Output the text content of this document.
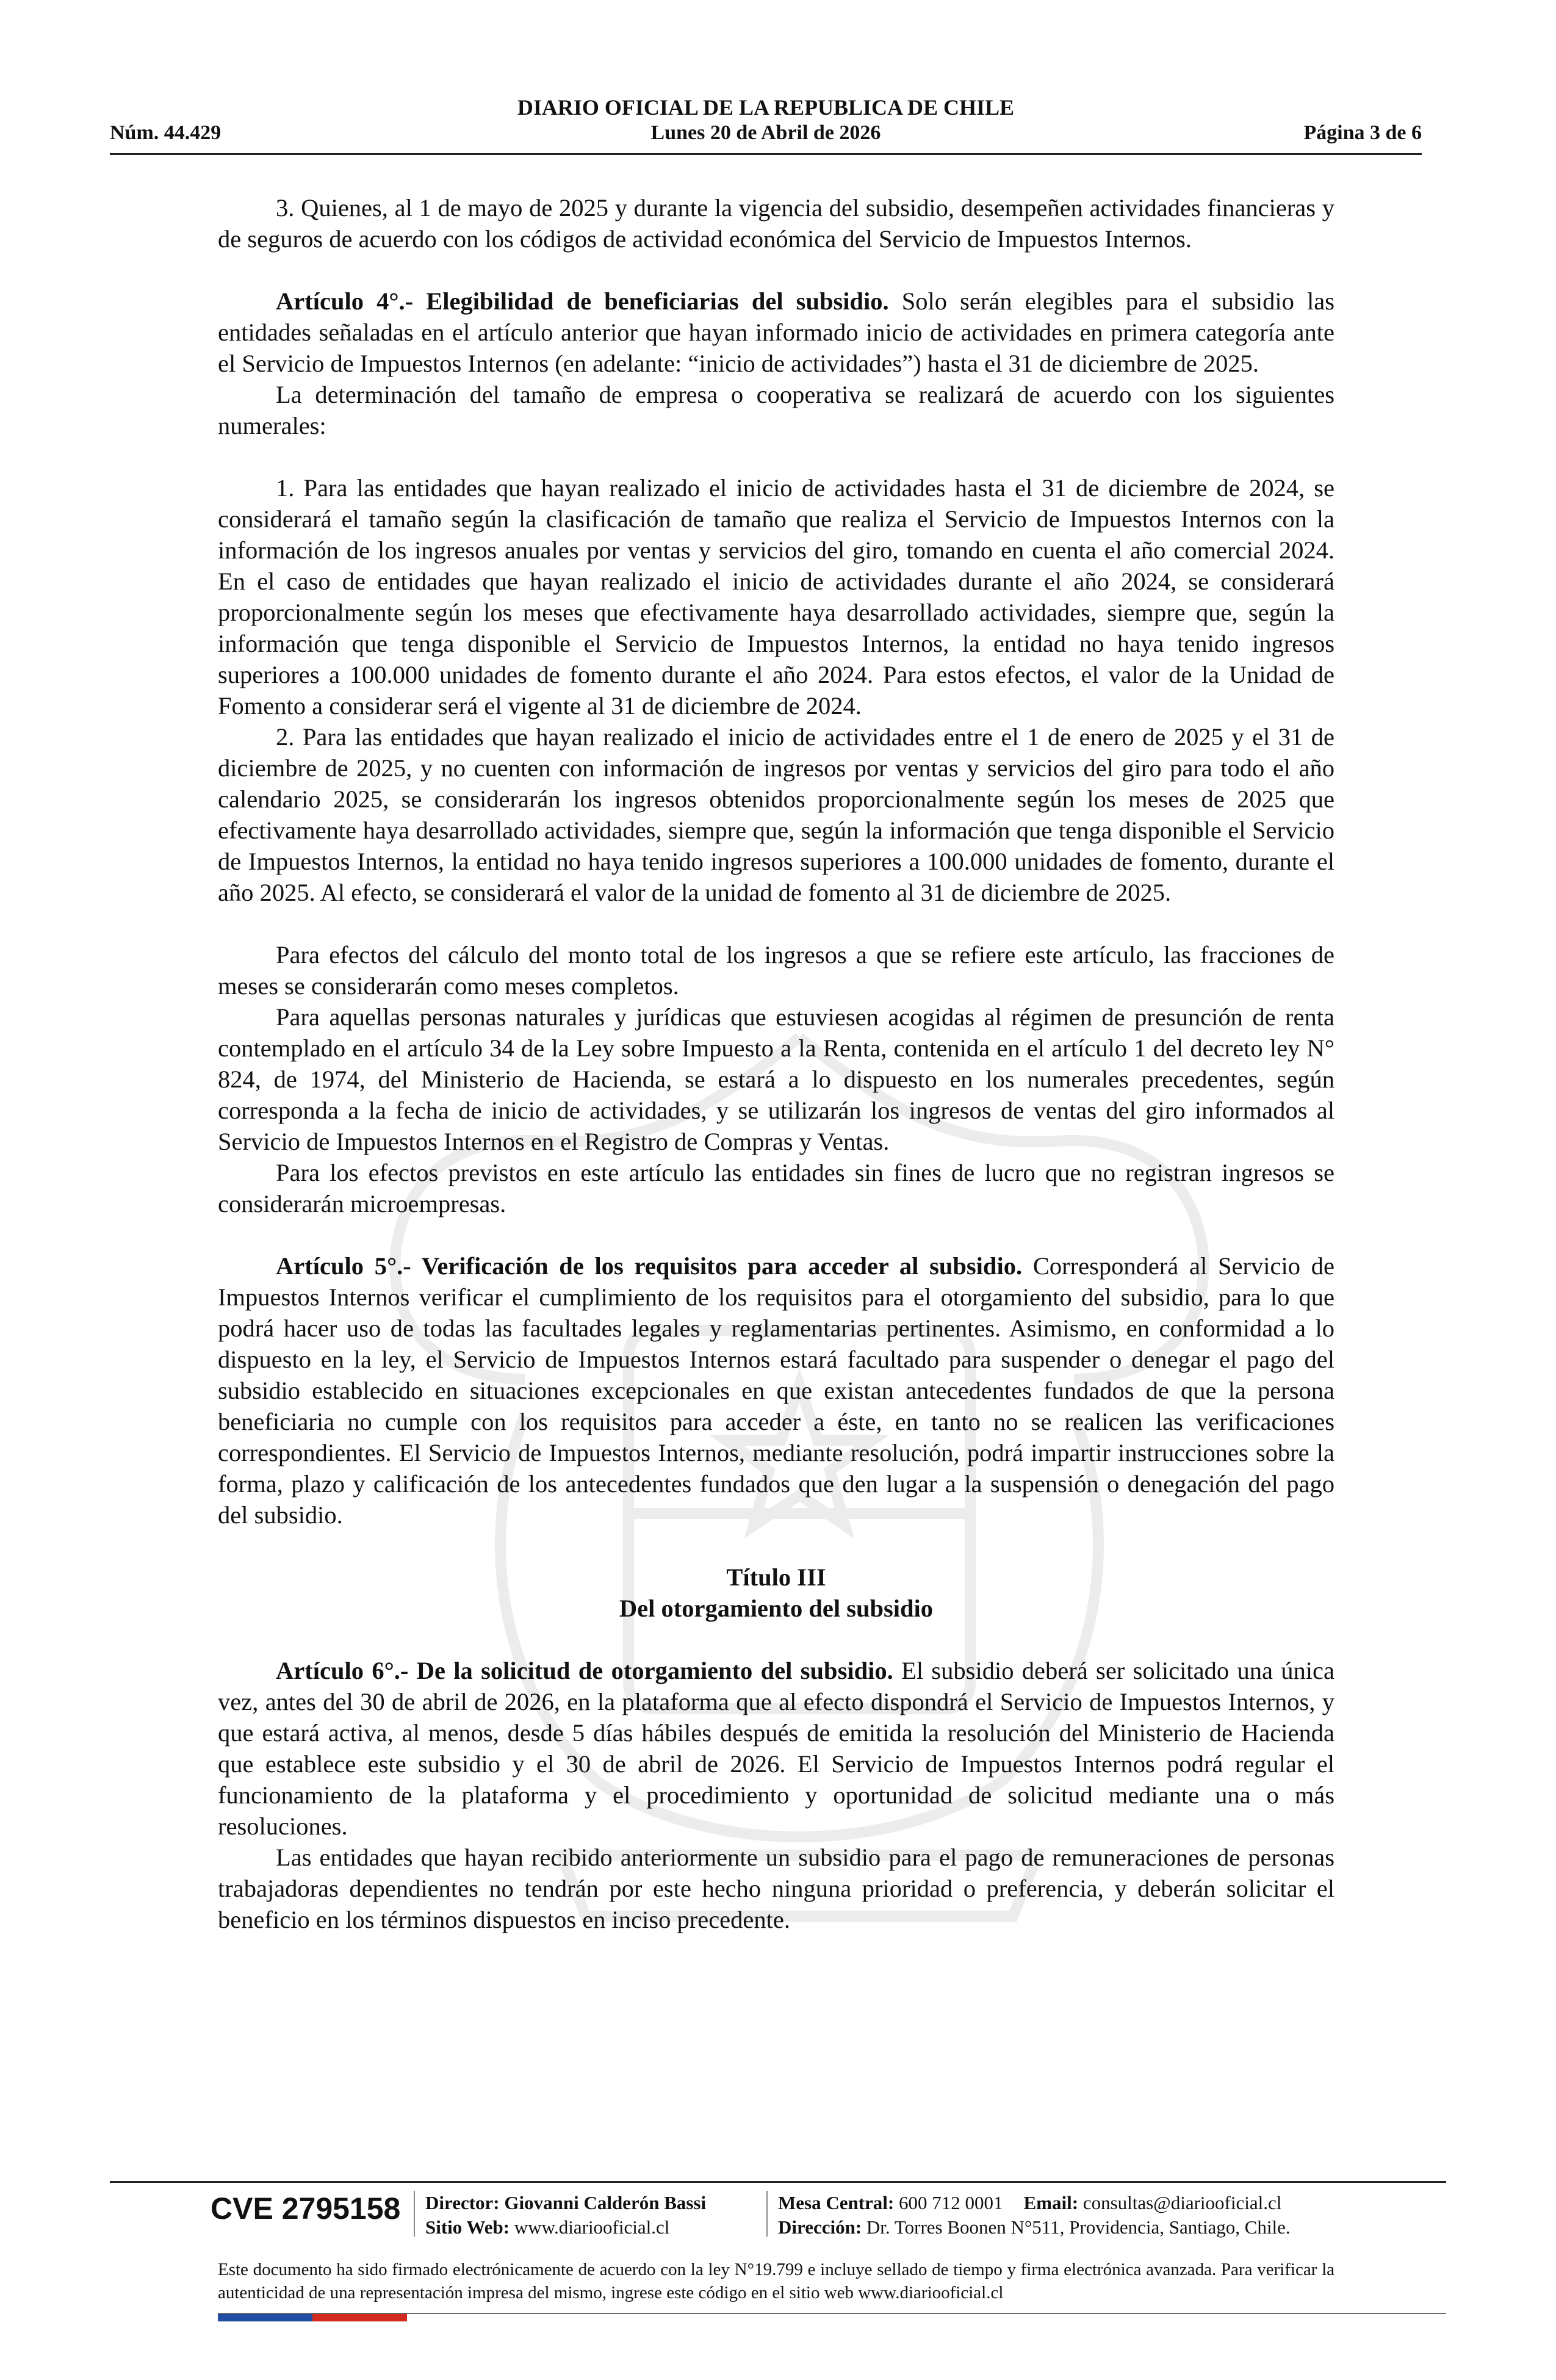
DIARIO OFICIAL DE LA REPUBLICA DE CHILE
Núm. 44.429	Lunes 20 de Abril de 2026	Página 3 de 6

3. Quienes, al 1 de mayo de 2025 y durante la vigencia del subsidio, desempeñen actividades financieras y de seguros de acuerdo con los códigos de actividad económica del Servicio de Impuestos Internos.

Artículo 4°.- Elegibilidad de beneficiarias del subsidio. Solo serán elegibles para el subsidio las entidades señaladas en el artículo anterior que hayan informado inicio de actividades en primera categoría ante el Servicio de Impuestos Internos (en adelante: “inicio de actividades”) hasta el 31 de diciembre de 2025.

La determinación del tamaño de empresa o cooperativa se realizará de acuerdo con los siguientes numerales:

1. Para las entidades que hayan realizado el inicio de actividades hasta el 31 de diciembre de 2024, se considerará el tamaño según la clasificación de tamaño que realiza el Servicio de Impuestos Internos con la información de los ingresos anuales por ventas y servicios del giro, tomando en cuenta el año comercial 2024. En el caso de entidades que hayan realizado el inicio de actividades durante el año 2024, se considerará proporcionalmente según los meses que efectivamente haya desarrollado actividades, siempre que, según la información que tenga disponible el Servicio de Impuestos Internos, la entidad no haya tenido ingresos superiores a 100.000 unidades de fomento durante el año 2024. Para estos efectos, el valor de la Unidad de Fomento a considerar será el vigente al 31 de diciembre de 2024.

2. Para las entidades que hayan realizado el inicio de actividades entre el 1 de enero de 2025 y el 31 de diciembre de 2025, y no cuenten con información de ingresos por ventas y servicios del giro para todo el año calendario 2025, se considerarán los ingresos obtenidos proporcionalmente según los meses de 2025 que efectivamente haya desarrollado actividades, siempre que, según la información que tenga disponible el Servicio de Impuestos Internos, la entidad no haya tenido ingresos superiores a 100.000 unidades de fomento, durante el año 2025. Al efecto, se considerará el valor de la unidad de fomento al 31 de diciembre de 2025.

Para efectos del cálculo del monto total de los ingresos a que se refiere este artículo, las fracciones de meses se considerarán como meses completos.

Para aquellas personas naturales y jurídicas que estuviesen acogidas al régimen de presunción de renta contemplado en el artículo 34 de la Ley sobre Impuesto a la Renta, contenida en el artículo 1 del decreto ley N° 824, de 1974, del Ministerio de Hacienda, se estará a lo dispuesto en los numerales precedentes, según corresponda a la fecha de inicio de actividades, y se utilizarán los ingresos de ventas del giro informados al Servicio de Impuestos Internos en el Registro de Compras y Ventas.

Para los efectos previstos en este artículo las entidades sin fines de lucro que no registran ingresos se considerarán microempresas.

Artículo 5°.- Verificación de los requisitos para acceder al subsidio. Corresponderá al Servicio de Impuestos Internos verificar el cumplimiento de los requisitos para el otorgamiento del subsidio, para lo que podrá hacer uso de todas las facultades legales y reglamentarias pertinentes. Asimismo, en conformidad a lo dispuesto en la ley, el Servicio de Impuestos Internos estará facultado para suspender o denegar el pago del subsidio establecido en situaciones excepcionales en que existan antecedentes fundados de que la persona beneficiaria no cumple con los requisitos para acceder a éste, en tanto no se realicen las verificaciones correspondientes. El Servicio de Impuestos Internos, mediante resolución, podrá impartir instrucciones sobre la forma, plazo y calificación de los antecedentes fundados que den lugar a la suspensión o denegación del pago del subsidio.

Título III

Del otorgamiento del subsidio

Artículo 6°.- De la solicitud de otorgamiento del subsidio. El subsidio deberá ser solicitado una única vez, antes del 30 de abril de 2026, en la plataforma que al efecto dispondrá el Servicio de Impuestos Internos, y que estará activa, al menos, desde 5 días hábiles después de emitida la resolución del Ministerio de Hacienda que establece este subsidio y el 30 de abril de 2026. El Servicio de Impuestos Internos podrá regular el funcionamiento de la plataforma y el procedimiento y oportunidad de solicitud mediante una o más resoluciones.

Las entidades que hayan recibido anteriormente un subsidio para el pago de remuneraciones de personas trabajadoras dependientes no tendrán por este hecho ninguna prioridad o preferencia, y deberán solicitar el beneficio en los términos dispuestos en inciso precedente.

CVE 2795158 Director: Giovanni Calderón Bassi
Sitio Web: www.diariooficial.cl
Mesa Central: 600 712 0001 Email: consultas@diariooficial.cl
Dirección: Dr. Torres Boonen N°511, Providencia, Santiago, Chile.
Este documento ha sido firmado electrónicamente de acuerdo con la ley N°19.799 e incluye sellado de tiempo y firma electrónica avanzada. Para verificar la autenticidad de una representación impresa del mismo, ingrese este código en el sitio web www.diariooficial.cl
